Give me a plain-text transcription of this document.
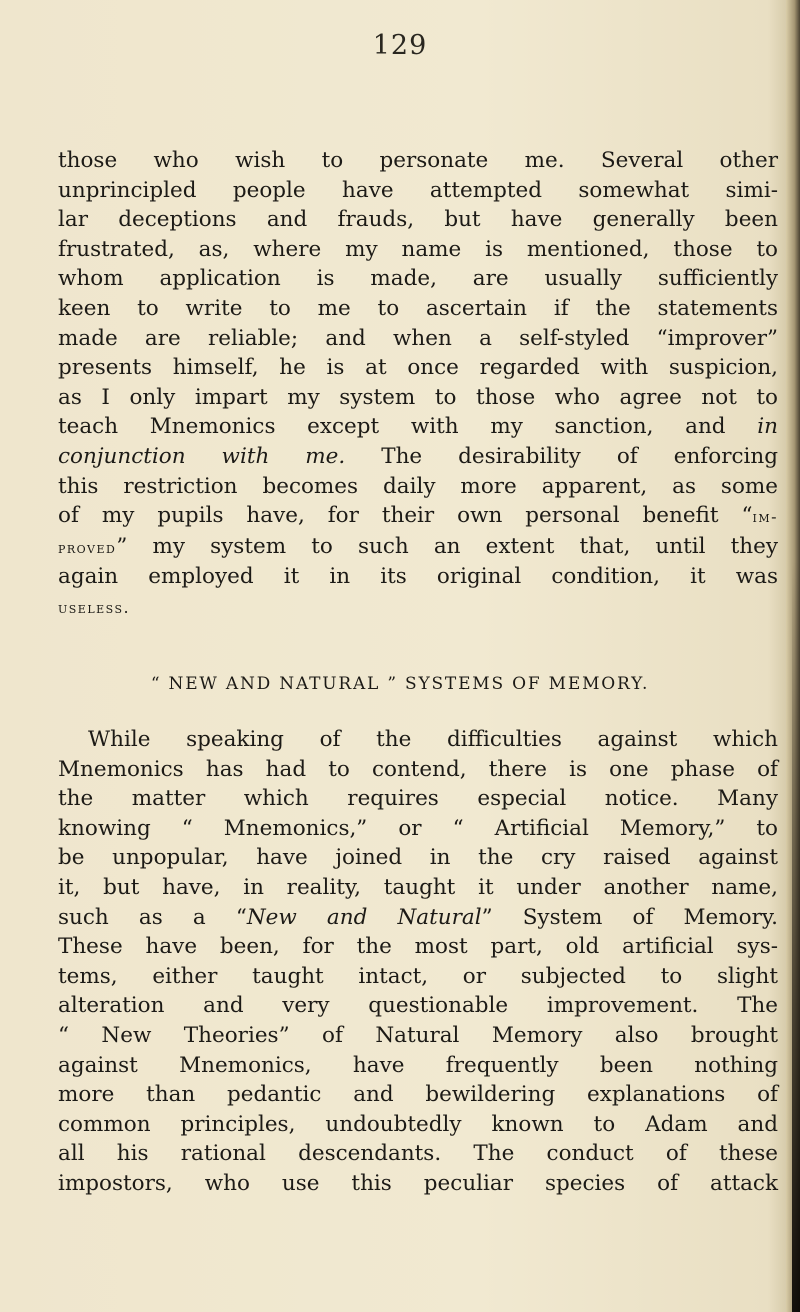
129
those who wish to personate me. Several other
unprincipled people have attempted somewhat simi-
lar deceptions and frauds, but have generally been
frustrated, as, where my name is mentioned, those to
whom application is made, are usually sufficiently
keen to write to me to ascertain if the statements
made are reliable; and when a self-styled “improver”
presents himself, he is at once regarded with suspicion,
as I only impart my system to those who agree not to
teach Mnemonics except with my sanction, and in
conjunction with me. The desirability of enforcing
this restriction becomes daily more apparent, as some
of my pupils have, for their own personal benefit “im-
proved” my system to such an extent that, until they
again employed it in its original condition, it was
useless.
“ NEW AND NATURAL ” SYSTEMS OF MEMORY.
While speaking of the difficulties against which
Mnemonics has had to contend, there is one phase of
the matter which requires especial notice. Many
knowing “ Mnemonics,” or “ Artificial Memory,” to
be unpopular, have joined in the cry raised against
it, but have, in reality, taught it under another name,
such as a “New and Natural” System of Memory.
These have been, for the most part, old artificial sys-
tems, either taught intact, or subjected to slight
alteration and very questionable improvement. The
“ New Theories” of Natural Memory also brought
against Mnemonics, have frequently been nothing
more than pedantic and bewildering explanations of
common principles, undoubtedly known to Adam and
all his rational descendants. The conduct of these
impostors, who use this peculiar species of attack
